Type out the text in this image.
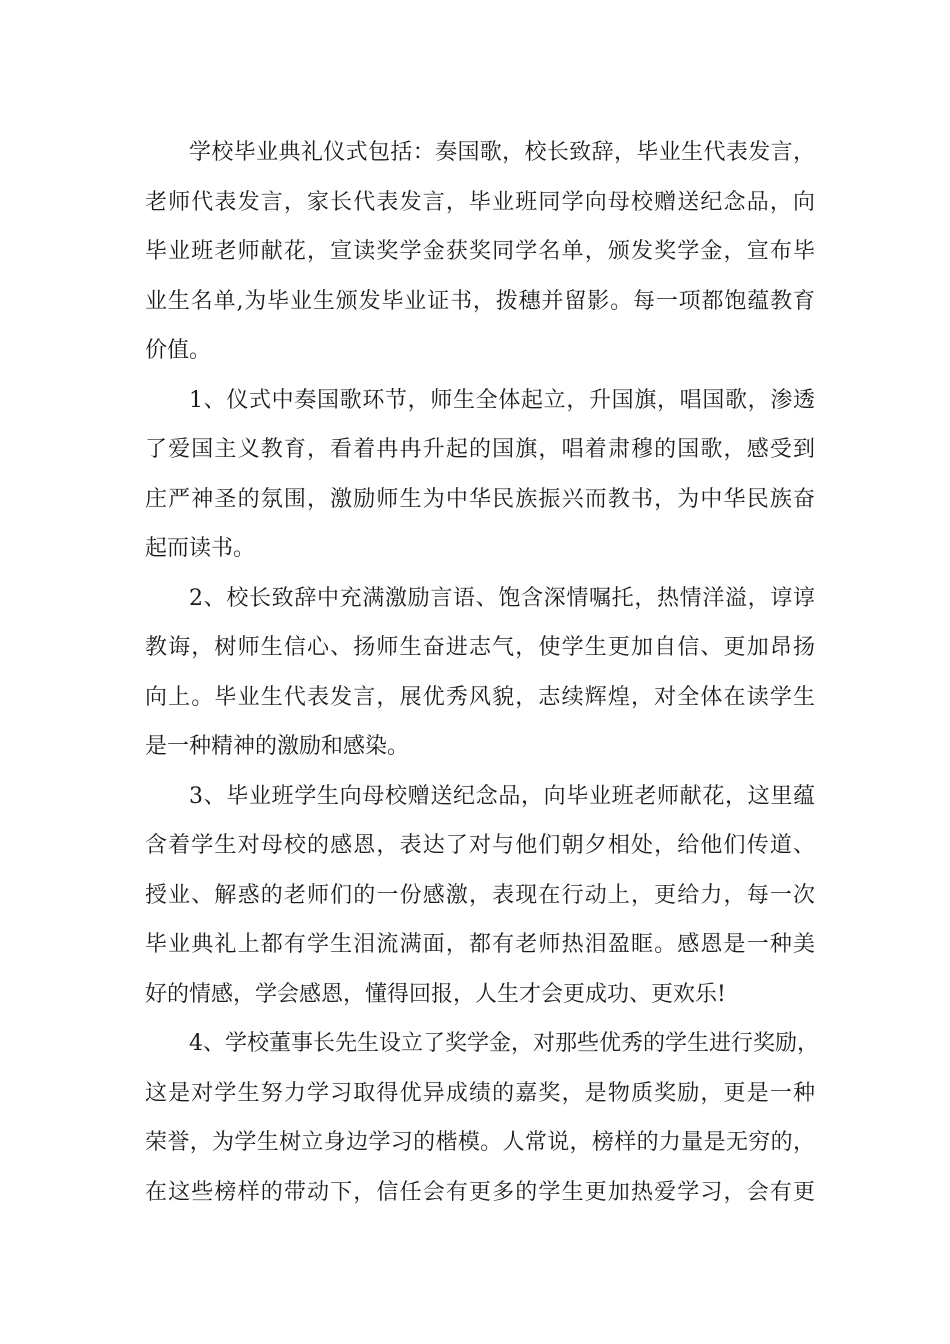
学校毕业典礼仪式包括：奏国歌，校长致辞，毕业生代表发言，
老师代表发言，家长代表发言，毕业班同学向母校赠送纪念品，向
毕业班老师献花，宣读奖学金获奖同学名单，颁发奖学金，宣布毕
业生名单,为毕业生颁发毕业证书，拨穗并留影。每一项都饱蕴教育
价值。
1、仪式中奏国歌环节，师生全体起立，升国旗，唱国歌，渗透
了爱国主义教育，看着冉冉升起的国旗，唱着肃穆的国歌，感受到
庄严神圣的氛围，激励师生为中华民族振兴而教书，为中华民族奋
起而读书。
2、校长致辞中充满激励言语、饱含深情嘱托，热情洋溢，谆谆
教诲，树师生信心、扬师生奋进志气，使学生更加自信、更加昂扬
向上。毕业生代表发言，展优秀风貌，志续辉煌，对全体在读学生
是一种精神的激励和感染。
3、毕业班学生向母校赠送纪念品，向毕业班老师献花，这里蕴
含着学生对母校的感恩，表达了对与他们朝夕相处，给他们传道、
授业、解惑的老师们的一份感激，表现在行动上，更给力，每一次
毕业典礼上都有学生泪流满面，都有老师热泪盈眶。感恩是一种美
好的情感，学会感恩，懂得回报，人生才会更成功、更欢乐!
4、学校董事长先生设立了奖学金，对那些优秀的学生进行奖励，
这是对学生努力学习取得优异成绩的嘉奖，是物质奖励，更是一种
荣誉，为学生树立身边学习的楷模。人常说，榜样的力量是无穷的，
在这些榜样的带动下，信任会有更多的学生更加热爱学习，会有更
